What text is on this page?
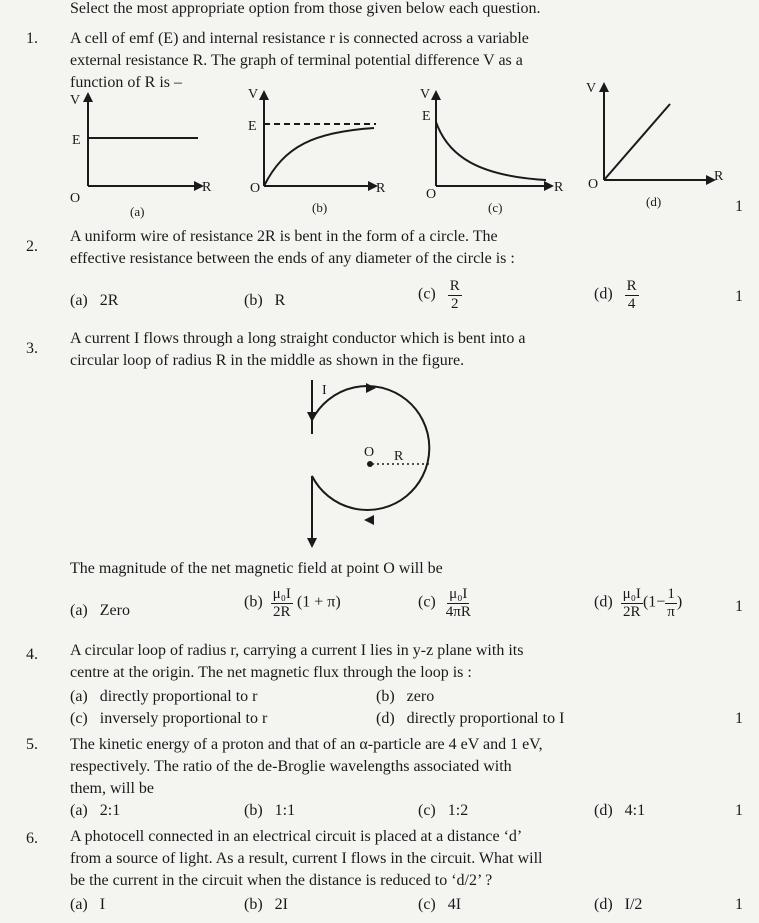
Select the most appropriate option from those given below each question.
1. A cell of emf (E) and internal resistance r is connected across a variable
external resistance R. The graph of terminal potential difference V as a
function of R is –
V
E
O
R
(a)
V
E
O	R
(b)
V
E
O	R
(c)
V
O
R
(d)	1
2.
A uniform wire of resistance 2R is bent in the form of a circle. The
effective resistance between the ends of any diameter of the circle is :
(a) 2R	(b) R	$(c) \frac{R}{2}$	$(d) \frac{R}{4}$	1
3.
A current I flows through a long straight conductor which is bent into a
circular loop of radius R in the middle as shown in the figure.
I
O R
The magnitude of the net magnetic field at point O will be
(a) Zero	$(b) \frac{\text{μ₀I}}{2R} (1 + \pi)$	$(c) \frac{\text{μ₀I}}{4\pi R}$	$(d) \frac{\text{μ₀I}}{2R} (1- \frac{1}{\pi}$ )	1
4. A circular loop of radius r, carrying a current I lies in y-z plane with its
centre at the origin. The net magnetic flux through the loop is :
(a) directly proportional to r	(b) zero
(c) inversely proportional to r	(d) directly proportional to I	1
5. The kinetic energy of a proton and that of an α-particle are 4 eV and 1 eV,
respectively. The ratio of the de-Broglie wavelengths associated with
them, will be
(a) 2:1	(b) 1:1	(c) 1:2	(d) 4:1	1
6. A photocell connected in an electrical circuit is placed at a distance ‘d’
from a source of light. As a result, current I flows in the circuit. What will
be the current in the circuit when the distance is reduced to ‘d/2’ ?
(a) I	(b) 2I	(c) 4I	(d) I/2	1
